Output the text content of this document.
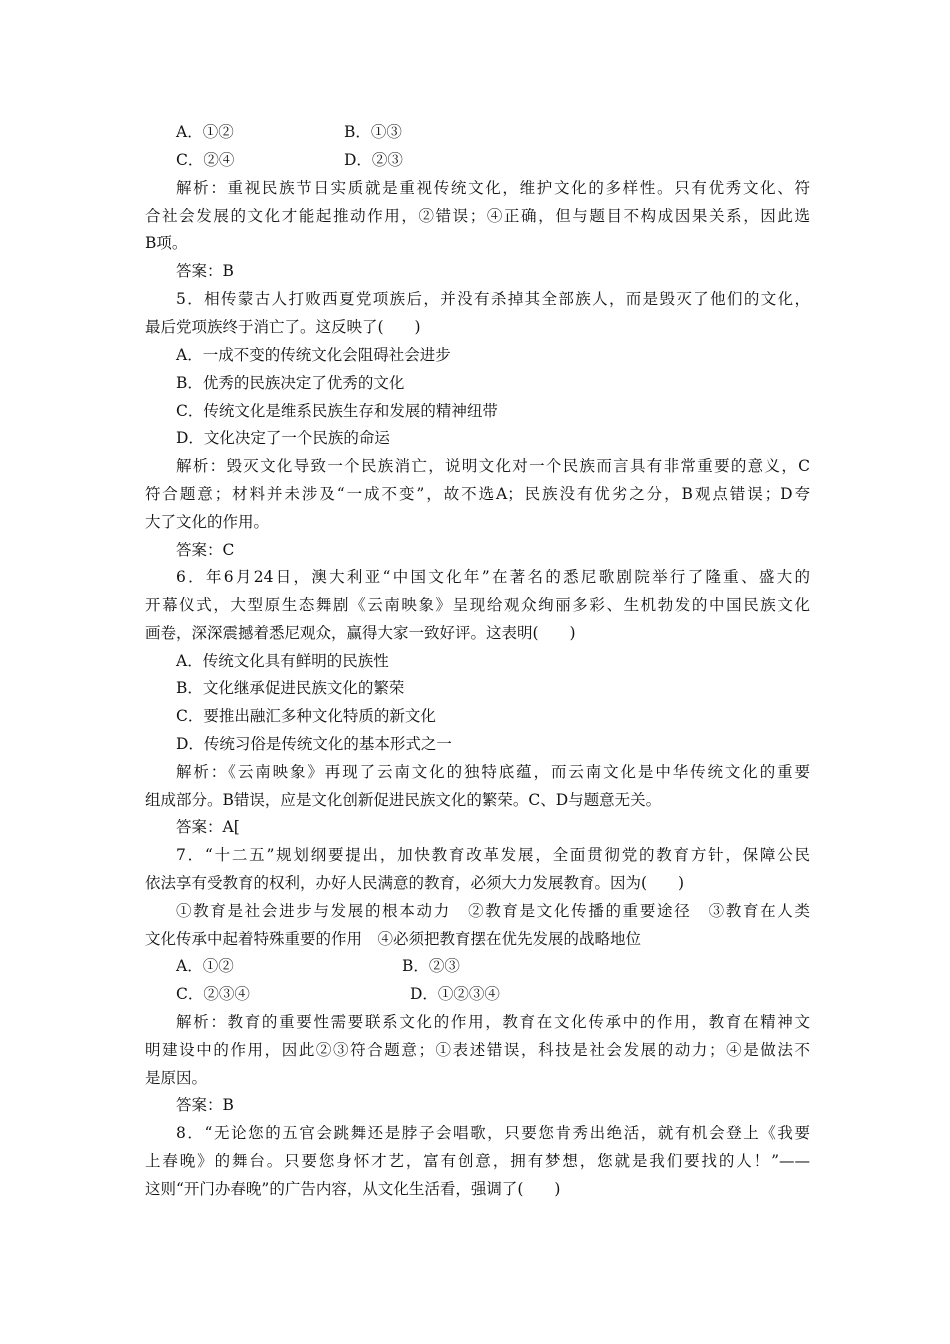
A．①②	B．①③
C．②④	D．②③
解析：重视民族节日实质就是重视传统文化，维护文化的多样性。只有优秀文化、符
合社会发展的文化才能起推动作用，②错误；④正确，但与题目不构成因果关系，因此选
B项。
答案：B
5．相传蒙古人打败西夏党项族后，并没有杀掉其全部族人，而是毁灭了他们的文化，
最后党项族终于消亡了。这反映了(　　)
A．一成不变的传统文化会阻碍社会进步
B．优秀的民族决定了优秀的文化
C．传统文化是维系民族生存和发展的精神纽带
D．文化决定了一个民族的命运
解析：毁灭文化导致一个民族消亡，说明文化对一个民族而言具有非常重要的意义，C
符合题意；材料并未涉及“一成不变”，故不选A；民族没有优劣之分，B观点错误；D夸
大了文化的作用。
答案：C
6．年6月24日，澳大利亚“中国文化年”在著名的悉尼歌剧院举行了隆重、盛大的
开幕仪式，大型原生态舞剧《云南映象》呈现给观众绚丽多彩、生机勃发的中国民族文化
画卷，深深震撼着悉尼观众，赢得大家一致好评。这表明(　　)
A．传统文化具有鲜明的民族性
B．文化继承促进民族文化的繁荣
C．要推出融汇多种文化特质的新文化
D．传统习俗是传统文化的基本形式之一
解析：《云南映象》再现了云南文化的独特底蕴，而云南文化是中华传统文化的重要
组成部分。B错误，应是文化创新促进民族文化的繁荣。C、D与题意无关。
答案：A[
7．“十二五”规划纲要提出，加快教育改革发展，全面贯彻党的教育方针，保障公民
依法享有受教育的权利，办好人民满意的教育，必须大力发展教育。因为(　　)
①教育是社会进步与发展的根本动力　②教育是文化传播的重要途径　③教育在人类
文化传承中起着特殊重要的作用　④必须把教育摆在优先发展的战略地位
A．①②	B．②③
C．②③④	D．①②③④
解析：教育的重要性需要联系文化的作用，教育在文化传承中的作用，教育在精神文
明建设中的作用，因此②③符合题意；①表述错误，科技是社会发展的动力；④是做法不
是原因。
答案：B
8．“无论您的五官会跳舞还是脖子会唱歌，只要您肯秀出绝活，就有机会登上《我要
上春晚》的舞台。只要您身怀才艺，富有创意，拥有梦想，您就是我们要找的人！”——
这则“开门办春晚”的广告内容，从文化生活看，强调了(　　)
